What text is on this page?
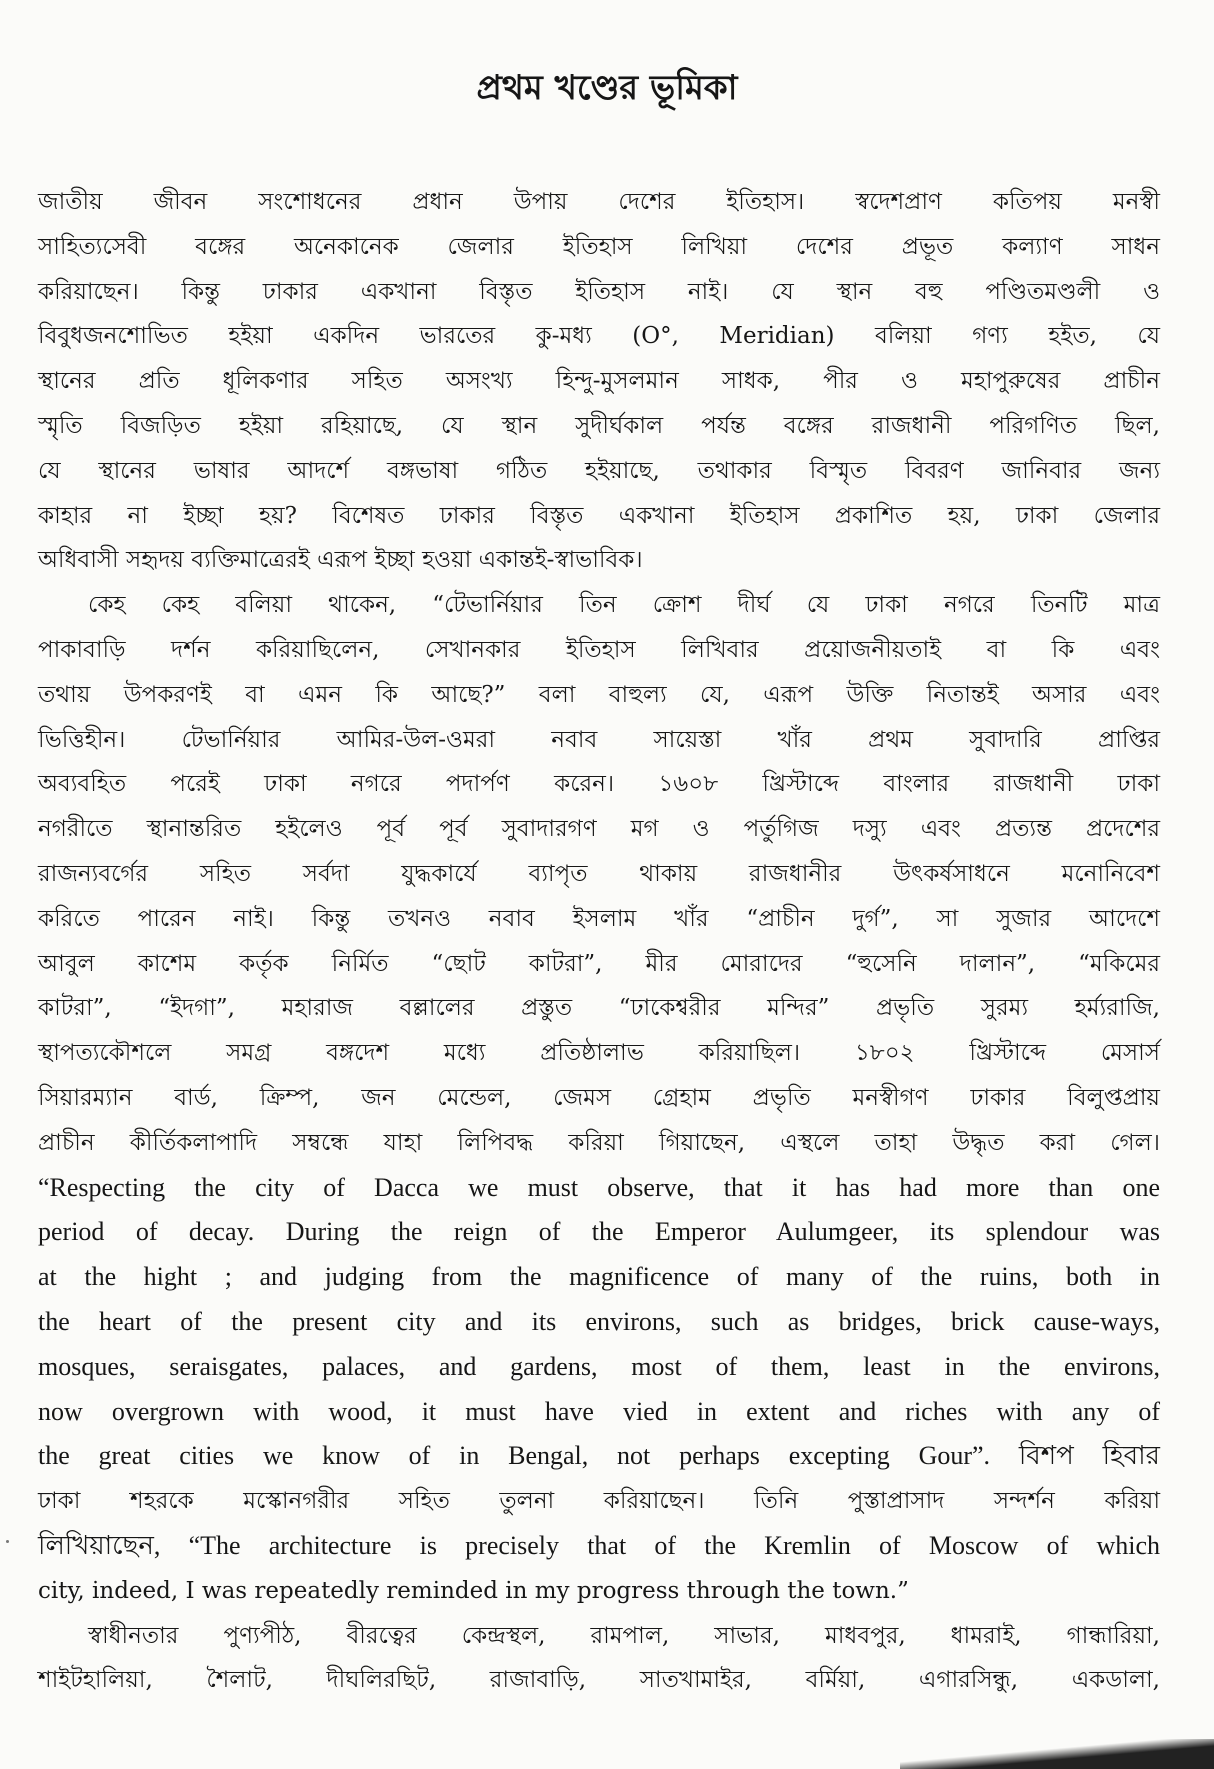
প্রথম খণ্ডের ভূমিকা
জাতীয় জীবন সংশোধনের প্রধান উপায় দেশের ইতিহাস। স্বদেশপ্রাণ কতিপয় মনস্বী
সাহিত্যসেবী বঙ্গের অনেকানেক জেলার ইতিহাস লিখিয়া দেশের প্রভূত কল্যাণ সাধন
করিয়াছেন। কিন্তু ঢাকার একখানা বিস্তৃত ইতিহাস নাই। যে স্থান বহু পণ্ডিতমণ্ডলী ও
বিবুধজনশোভিত হইয়া একদিন ভারতের কু-মধ্য (O°, Meridian) বলিয়া গণ্য হইত, যে
স্থানের প্রতি ধূলিকণার সহিত অসংখ্য হিন্দু-মুসলমান সাধক, পীর ও মহাপুরুষের প্রাচীন
স্মৃতি বিজড়িত হইয়া রহিয়াছে, যে স্থান সুদীর্ঘকাল পর্যন্ত বঙ্গের রাজধানী পরিগণিত ছিল,
যে স্থানের ভাষার আদর্শে বঙ্গভাষা গঠিত হইয়াছে, তথাকার বিস্মৃত বিবরণ জানিবার জন্য
কাহার না ইচ্ছা হয়? বিশেষত ঢাকার বিস্তৃত একখানা ইতিহাস প্রকাশিত হয়, ঢাকা জেলার
অধিবাসী সহৃদয় ব্যক্তিমাত্রেরই এরূপ ইচ্ছা হওয়া একান্তই-স্বাভাবিক।
কেহ কেহ বলিয়া থাকেন, “টেভার্নিয়ার তিন ক্রোশ দীর্ঘ যে ঢাকা নগরে তিনটি মাত্র
পাকাবাড়ি দর্শন করিয়াছিলেন, সেখানকার ইতিহাস লিখিবার প্রয়োজনীয়তাই বা কি এবং
তথায় উপকরণই বা এমন কি আছে?” বলা বাহুল্য যে, এরূপ উক্তি নিতান্তই অসার এবং
ভিত্তিহীন। টেভার্নিয়ার আমির-উল-ওমরা নবাব সায়েস্তা খাঁর প্রথম সুবাদারি প্রাপ্তির
অব্যবহিত পরেই ঢাকা নগরে পদার্পণ করেন। ১৬০৮ খ্রিস্টাব্দে বাংলার রাজধানী ঢাকা
নগরীতে স্থানান্তরিত হইলেও পূর্ব পূর্ব সুবাদারগণ মগ ও পর্তুগিজ দস্যু এবং প্রত্যন্ত প্রদেশের
রাজন্যবর্গের সহিত সর্বদা যুদ্ধকার্যে ব্যাপৃত থাকায় রাজধানীর উৎকর্ষসাধনে মনোনিবেশ
করিতে পারেন নাই। কিন্তু তখনও নবাব ইসলাম খাঁর “প্রাচীন দুর্গ”, সা সুজার আদেশে
আবুল কাশেম কর্তৃক নির্মিত “ছোট কাটরা”, মীর মোরাদের “হুসেনি দালান”, “মকিমের
কাটরা”, “ইদগা”, মহারাজ বল্লালের প্রস্তুত “ঢাকেশ্বরীর মন্দির” প্রভৃতি সুরম্য হর্ম্যরাজি,
স্থাপত্যকৌশলে সমগ্র বঙ্গদেশ মধ্যে প্রতিষ্ঠালাভ করিয়াছিল। ১৮০২ খ্রিস্টাব্দে মেসার্স
সিয়ারম্যান বার্ড, ক্রিম্প, জন মেন্ডেল, জেমস গ্রেহাম প্রভৃতি মনস্বীগণ ঢাকার বিলুপ্তপ্রায়
প্রাচীন কীর্তিকলাপাদি সম্বন্ধে যাহা লিপিবদ্ধ করিয়া গিয়াছেন, এস্থলে তাহা উদ্ধৃত করা গেল।
“Respecting the city of Dacca we must observe, that it has had more than one
period of decay. During the reign of the Emperor Aulumgeer, its splendour was
at the hight ; and judging from the magnificence of many of the ruins, both in
the heart of the present city and its environs, such as bridges, brick cause-ways,
mosques, seraisgates, palaces, and gardens, most of them, least in the environs,
now overgrown with wood, it must have vied in extent and riches with any of
the great cities we know of in Bengal, not perhaps excepting Gour”. বিশপ হিবার
ঢাকা শহরকে মস্কোনগরীর সহিত তুলনা করিয়াছেন। তিনি পুস্তাপ্রাসাদ সন্দর্শন করিয়া
লিখিয়াছেন, “The architecture is precisely that of the Kremlin of Moscow of which
city, indeed, I was repeatedly reminded in my progress through the town.”
স্বাধীনতার পুণ্যপীঠ, বীরত্বের কেন্দ্রস্থল, রামপাল, সাভার, মাধবপুর, ধামরাই, গান্ধারিয়া,
শাইটহালিয়া, শৈলাট, দীঘলিরছিট, রাজাবাড়ি, সাতখামাইর, বর্মিয়া, এগারসিন্ধু, একডালা,
